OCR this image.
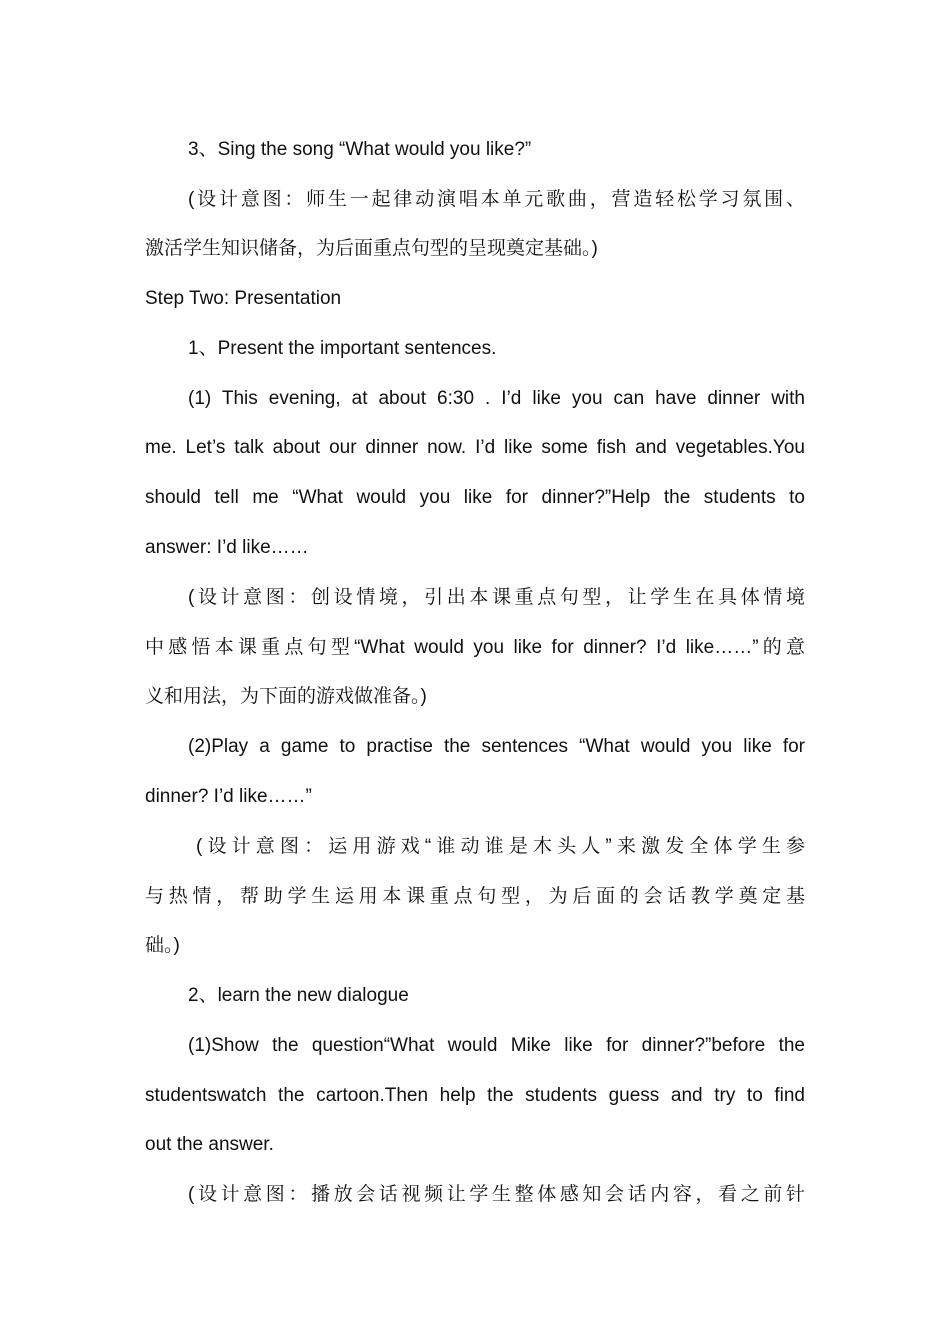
3、Sing the song “What would you like?”
(设计意图：师生一起律动演唱本单元歌曲，营造轻松学习氛围、
激活学生知识储备，为后面重点句型的呈现奠定基础。)
Step Two: Presentation
1、Present the important sentences.
(1) This evening, at about 6:30 . I’d like you can have dinner with
me. Let’s talk about our dinner now. I’d like some fish and vegetables.You
should tell me “What would you like for dinner?”Help the students to
answer: I’d like……
(设计意图：创设情境，引出本课重点句型，让学生在具体情境
中感悟本课重点句型“What would you like for dinner? I’d like……”的意
义和用法，为下面的游戏做准备。)
(2)Play a game to practise the sentences “What would you like for
dinner? I’d like……”
(设计意图：运用游戏“谁动谁是木头人”来激发全体学生参
与热情，帮助学生运用本课重点句型，为后面的会话教学奠定基
础。)
2、learn the new dialogue
(1)Show the question“What would Mike like for dinner?”before the
studentswatch the cartoon.Then help the students guess and try to find
out the answer.
(设计意图：播放会话视频让学生整体感知会话内容，看之前针
